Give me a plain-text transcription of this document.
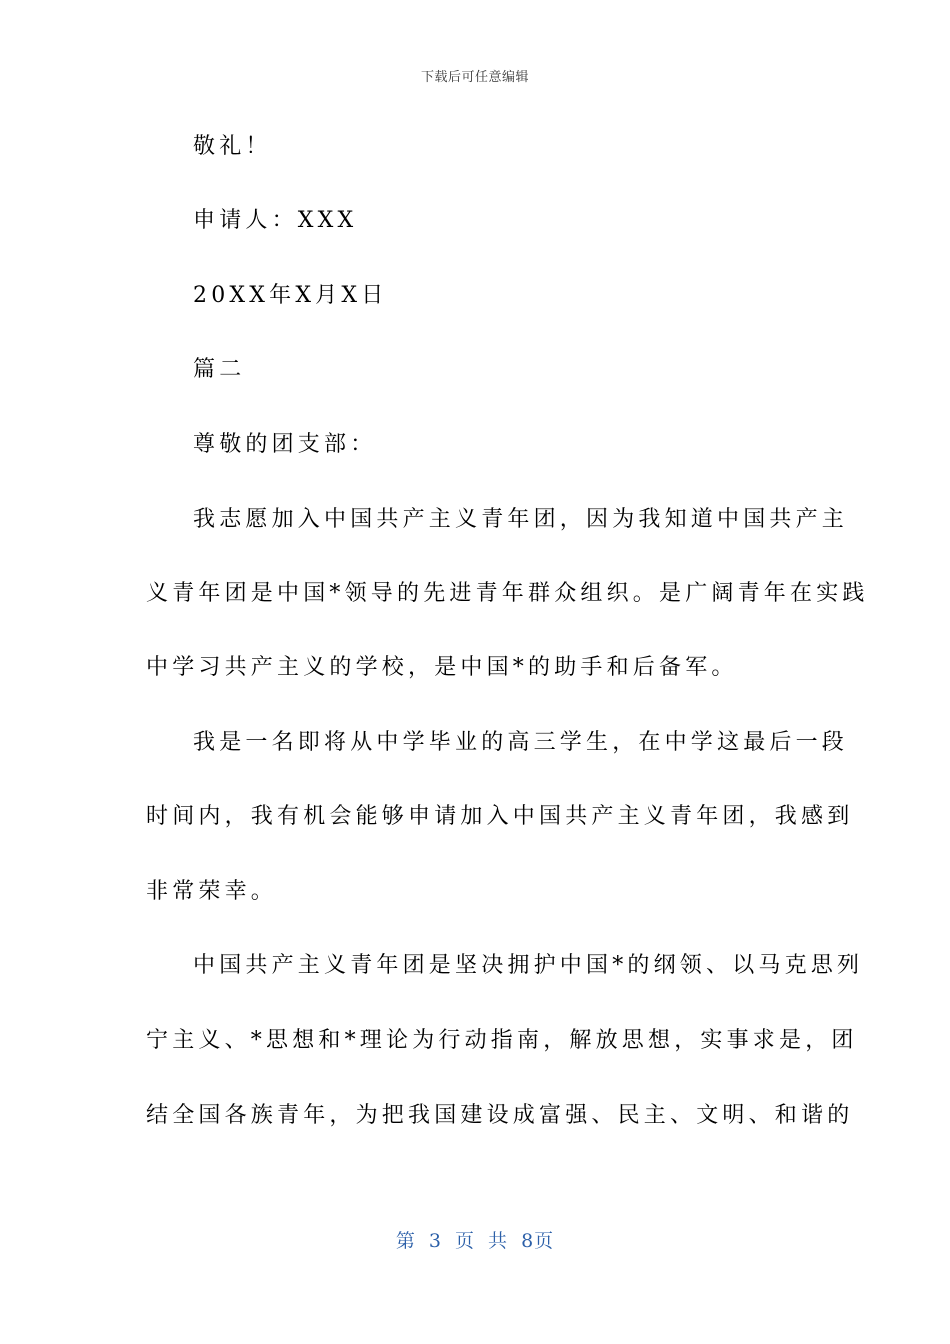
下载后可任意编辑
敬礼！
申请人：XXX
20XX年X月X日
篇二
尊敬的团支部：
我志愿加入中国共产主义青年团，因为我知道中国共产主
义青年团是中国*领导的先进青年群众组织。是广阔青年在实践
中学习共产主义的学校，是中国*的助手和后备军。
我是一名即将从中学毕业的高三学生，在中学这最后一段
时间内，我有机会能够申请加入中国共产主义青年团，我感到
非常荣幸。
中国共产主义青年团是坚决拥护中国*的纲领、以马克思列
宁主义、*思想和*理论为行动指南，解放思想，实事求是，团
结全国各族青年，为把我国建设成富强、民主、文明、和谐的
第 3 页 共 8页
